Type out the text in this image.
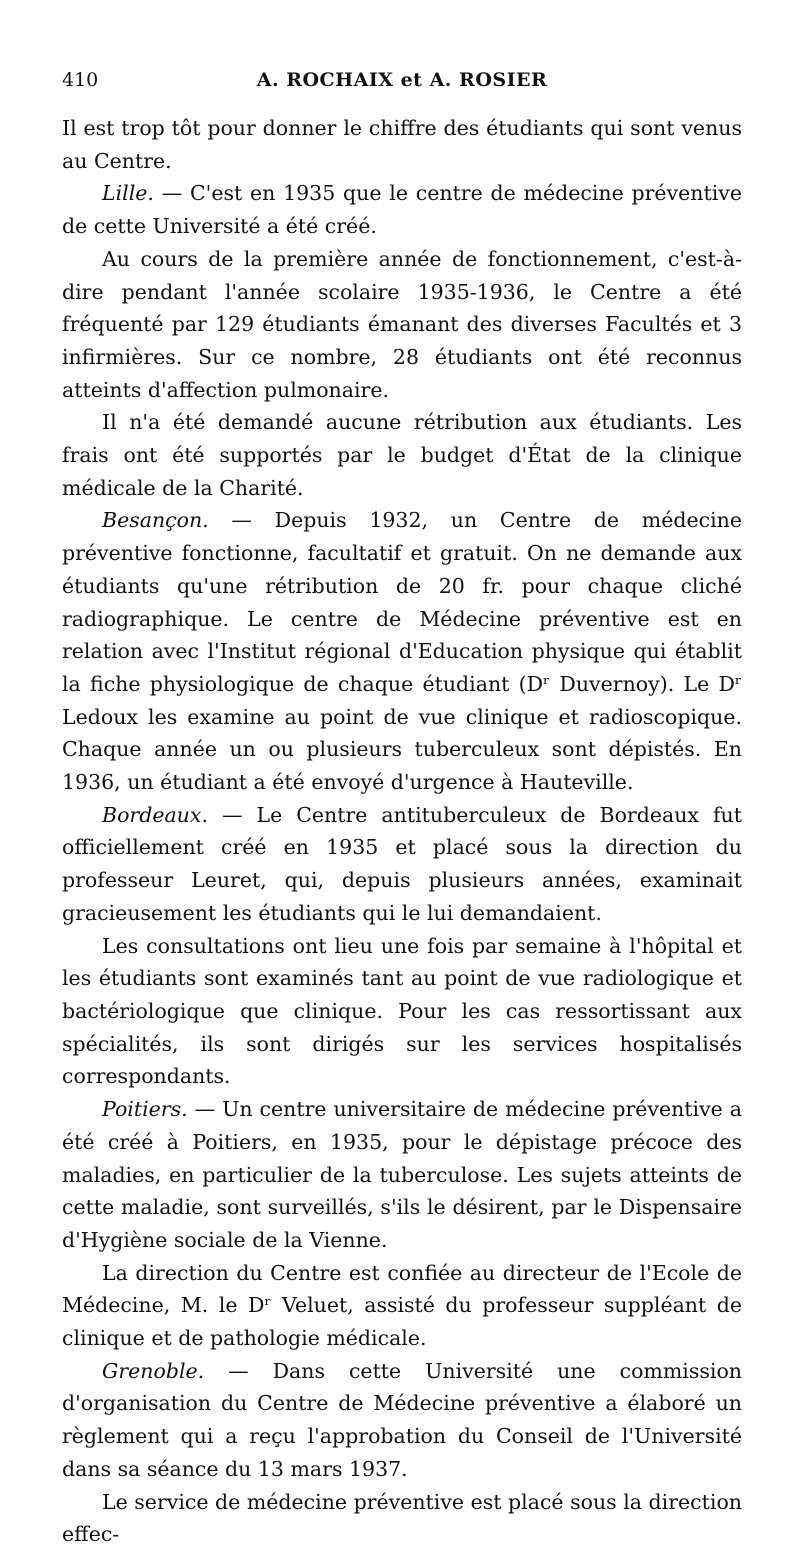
410	A. ROCHAIX et A. ROSIER

Il est trop tôt pour donner le chiffre des étudiants qui sont venus au Centre.

Lille. — C'est en 1935 que le centre de médecine préventive de cette Université a été créé.

Au cours de la première année de fonctionnement, c'est-à-dire pendant l'année scolaire 1935-1936, le Centre a été fréquenté par 129 étudiants émanant des diverses Facultés et 3 infirmières. Sur ce nombre, 28 étudiants ont été reconnus atteints d'affection pulmonaire.

Il n'a été demandé aucune rétribution aux étudiants. Les frais ont été supportés par le budget d'État de la clinique médicale de la Charité.

Besançon. — Depuis 1932, un Centre de médecine préventive fonctionne, facultatif et gratuit. On ne demande aux étudiants qu'une rétribution de 20 fr. pour chaque cliché radiographique. Le centre de Médecine préventive est en relation avec l'Institut régional d'Education physique qui établit la fiche physiologique de chaque étudiant (Dʳ Duvernoy). Le Dʳ Ledoux les examine au point de vue clinique et radioscopique. Chaque année un ou plusieurs tuberculeux sont dépistés. En 1936, un étudiant a été envoyé d'urgence à Hauteville.

Bordeaux. — Le Centre antituberculeux de Bordeaux fut officiellement créé en 1935 et placé sous la direction du professeur Leuret, qui, depuis plusieurs années, examinait gracieusement les étudiants qui le lui demandaient.

Les consultations ont lieu une fois par semaine à l'hôpital et les étudiants sont examinés tant au point de vue radiologique et bactériologique que clinique. Pour les cas ressortissant aux spécialités, ils sont dirigés sur les services hospitalisés correspondants.

Poitiers. — Un centre universitaire de médecine préventive a été créé à Poitiers, en 1935, pour le dépistage précoce des maladies, en particulier de la tuberculose. Les sujets atteints de cette maladie, sont surveillés, s'ils le désirent, par le Dispensaire d'Hygiène sociale de la Vienne.

La direction du Centre est confiée au directeur de l'Ecole de Médecine, M. le Dʳ Veluet, assisté du professeur suppléant de clinique et de pathologie médicale.

Grenoble. — Dans cette Université une commission d'organisation du Centre de Médecine préventive a élaboré un règlement qui a reçu l'approbation du Conseil de l'Université dans sa séance du 13 mars 1937.

Le service de médecine préventive est placé sous la direction effec-
